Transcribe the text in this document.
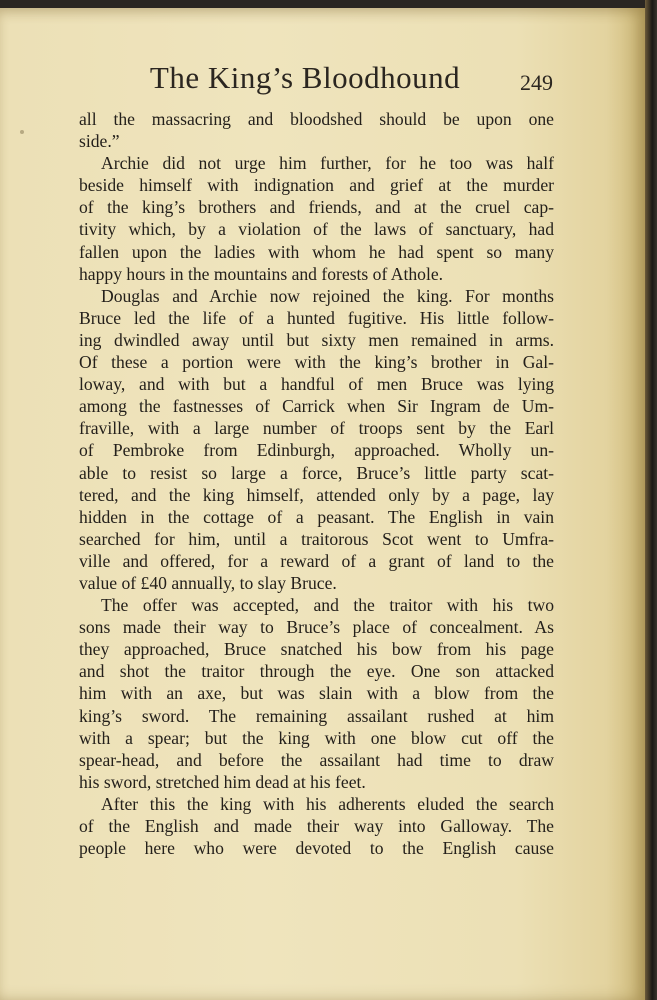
The King’s Bloodhound	249
all the massacring and bloodshed should be upon one
side.”
Archie did not urge him further, for he too was half
beside himself with indignation and grief at the murder
of the king’s brothers and friends, and at the cruel cap-
tivity which, by a violation of the laws of sanctuary, had
fallen upon the ladies with whom he had spent so many
happy hours in the mountains and forests of Athole.
Douglas and Archie now rejoined the king. For months
Bruce led the life of a hunted fugitive. His little follow-
ing dwindled away until but sixty men remained in arms.
Of these a portion were with the king’s brother in Gal-
loway, and with but a handful of men Bruce was lying
among the fastnesses of Carrick when Sir Ingram de Um-
fraville, with a large number of troops sent by the Earl
of Pembroke from Edinburgh, approached. Wholly un-
able to resist so large a force, Bruce’s little party scat-
tered, and the king himself, attended only by a page, lay
hidden in the cottage of a peasant. The English in vain
searched for him, until a traitorous Scot went to Umfra-
ville and offered, for a reward of a grant of land to the
value of £40 annually, to slay Bruce.
The offer was accepted, and the traitor with his two
sons made their way to Bruce’s place of concealment. As
they approached, Bruce snatched his bow from his page
and shot the traitor through the eye. One son attacked
him with an axe, but was slain with a blow from the
king’s sword. The remaining assailant rushed at him
with a spear; but the king with one blow cut off the
spear-head, and before the assailant had time to draw
his sword, stretched him dead at his feet.
After this the king with his adherents eluded the search
of the English and made their way into Galloway. The
people here who were devoted to the English cause
